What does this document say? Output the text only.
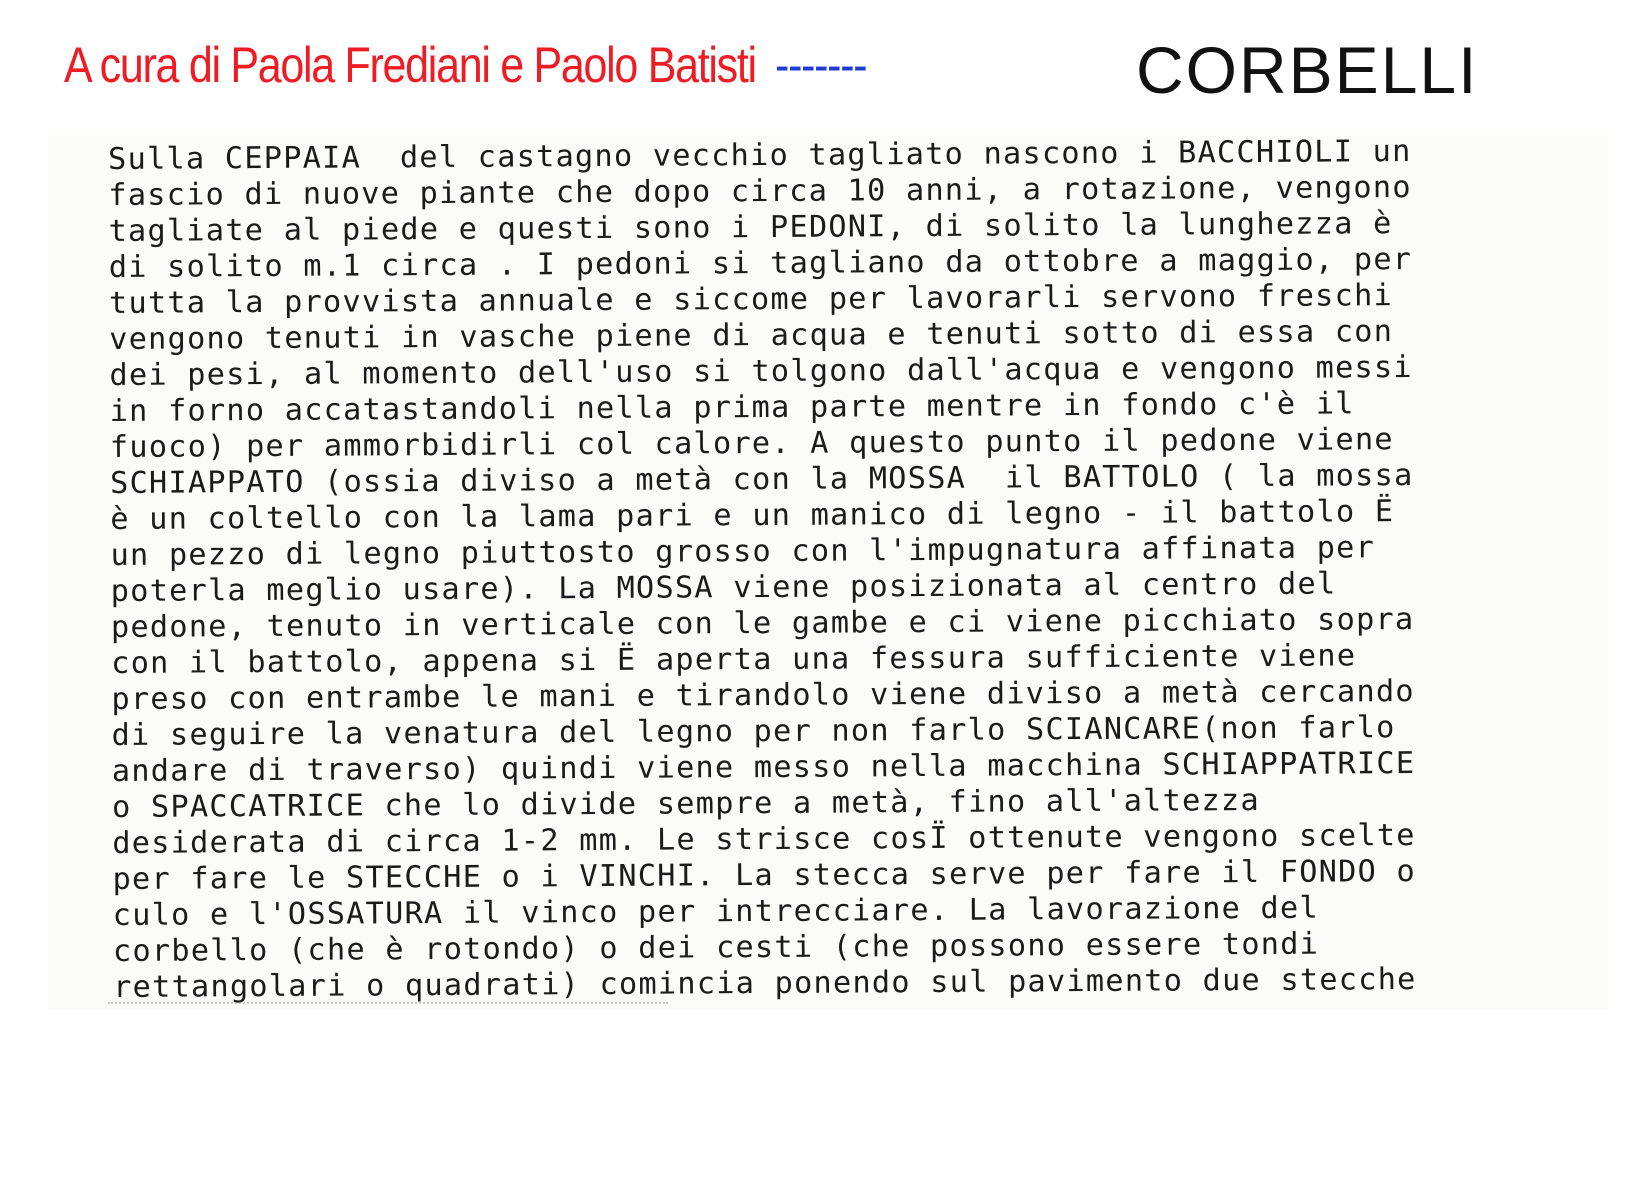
A cura di Paola Frediani e Paolo Batisti -------	CORBELLI
Sulla CEPPAIA  del castagno vecchio tagliato nascono i BACCHIOLI un
fascio di nuove piante che dopo circa 10 anni, a rotazione, vengono
tagliate al piede e questi sono i PEDONI, di solito la lunghezza è
di solito m.1 circa . I pedoni si tagliano da ottobre a maggio, per
tutta la provvista annuale e siccome per lavorarli servono freschi
vengono tenuti in vasche piene di acqua e tenuti sotto di essa con
dei pesi, al momento dell'uso si tolgono dall'acqua e vengono messi
in forno accatastandoli nella prima parte mentre in fondo c'è il
fuoco) per ammorbidirli col calore. A questo punto il pedone viene
SCHIAPPATO (ossia diviso a metà con la MOSSA  il BATTOLO ( la mossa
è un coltello con la lama pari e un manico di legno - il battolo Ë
un pezzo di legno piuttosto grosso con l'impugnatura affinata per
poterla meglio usare). La MOSSA viene posizionata al centro del
pedone, tenuto in verticale con le gambe e ci viene picchiato sopra
con il battolo, appena si Ë aperta una fessura sufficiente viene
preso con entrambe le mani e tirandolo viene diviso a metà cercando
di seguire la venatura del legno per non farlo SCIANCARE(non farlo
andare di traverso) quindi viene messo nella macchina SCHIAPPATRICE
o SPACCATRICE che lo divide sempre a metà, fino all'altezza
desiderata di circa 1-2 mm. Le strisce cosÏ ottenute vengono scelte
per fare le STECCHE o i VINCHI. La stecca serve per fare il FONDO o
culo e l'OSSATURA il vinco per intrecciare. La lavorazione del
corbello (che è rotondo) o dei cesti (che possono essere tondi
rettangolari o quadrati) comincia ponendo sul pavimento due stecche
